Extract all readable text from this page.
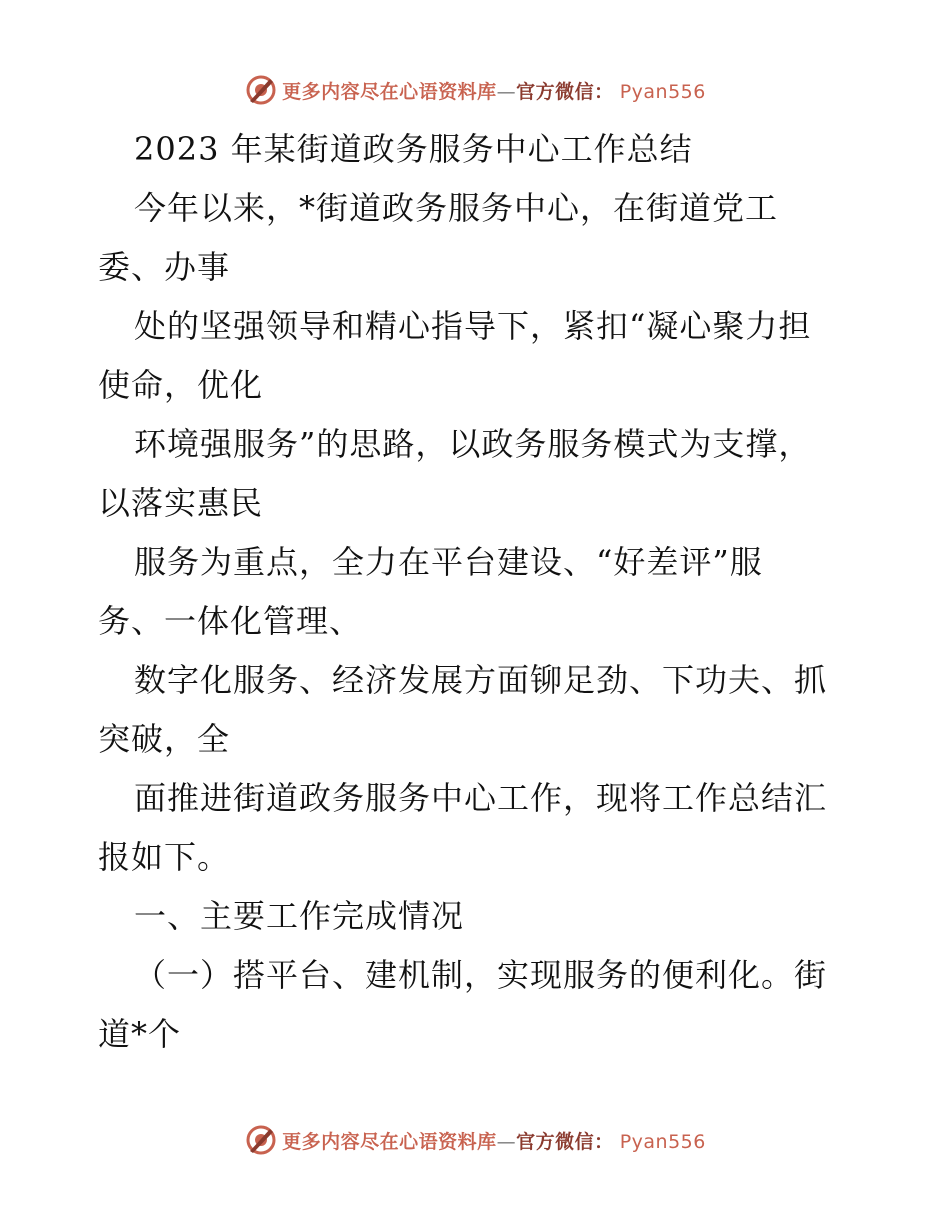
更多内容尽在心语资料库—官方微信： Pyan556
2023 年某街道政务服务中心工作总结
今年以来，*街道政务服务中心，在街道党工
委、办事
处的坚强领导和精心指导下，紧扣“凝心聚力担
使命，优化
环境强服务”的思路，以政务服务模式为支撑，
以落实惠民
服务为重点，全力在平台建设、“好差评”服
务、一体化管理、
数字化服务、经济发展方面铆足劲、下功夫、抓
突破，全
面推进街道政务服务中心工作，现将工作总结汇
报如下。
一、主要工作完成情况
（一）搭平台、建机制，实现服务的便利化。街
道*个
更多内容尽在心语资料库—官方微信： Pyan556
